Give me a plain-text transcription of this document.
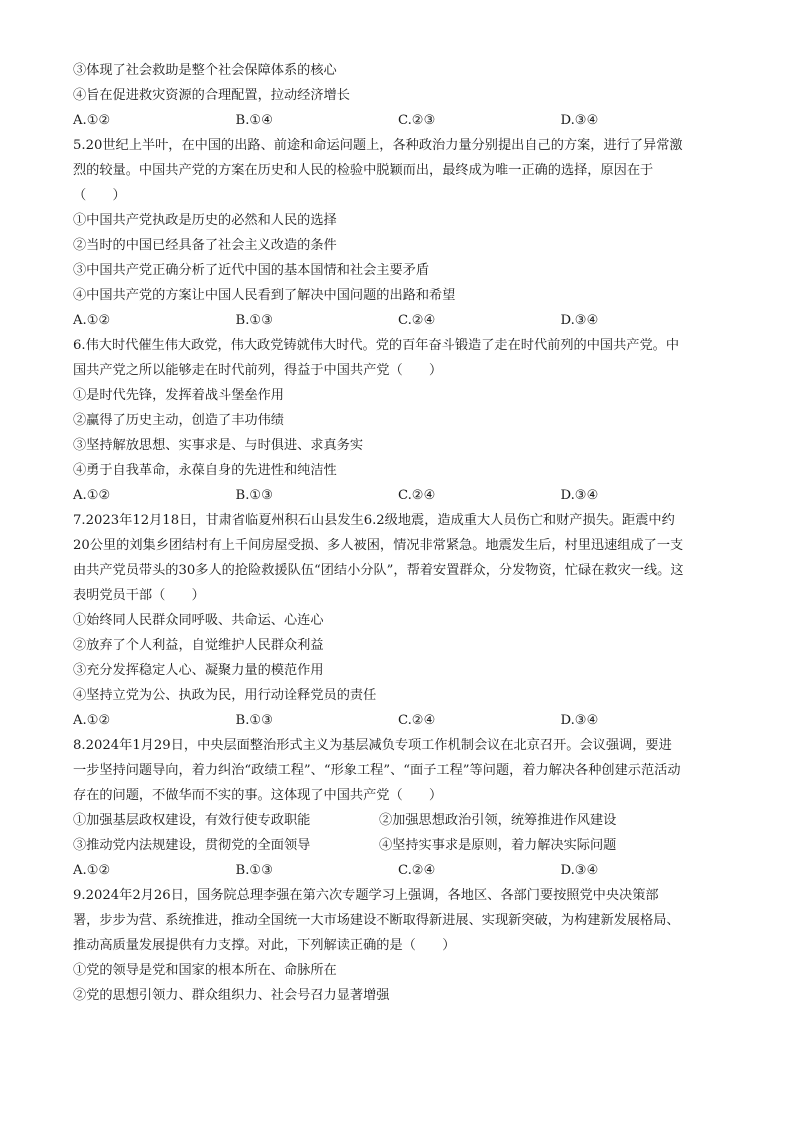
③体现了社会救助是整个社会保障体系的核心
④旨在促进救灾资源的合理配置，拉动经济增长
A.①②	B.①④	C.②③	D.③④
5.20世纪上半叶，在中国的出路、前途和命运问题上，各种政治力量分别提出自己的方案，进行了异常激
烈的较量。中国共产党的方案在历史和人民的检验中脱颖而出，最终成为唯一正确的选择，原因在于
（　　）
①中国共产党执政是历史的必然和人民的选择
②当时的中国已经具备了社会主义改造的条件
③中国共产党正确分析了近代中国的基本国情和社会主要矛盾
④中国共产党的方案让中国人民看到了解决中国问题的出路和希望
A.①②	B.①③	C.②④	D.③④
6.伟大时代催生伟大政党，伟大政党铸就伟大时代。党的百年奋斗锻造了走在时代前列的中国共产党。中
国共产党之所以能够走在时代前列，得益于中国共产党（　　）
①是时代先锋，发挥着战斗堡垒作用
②赢得了历史主动，创造了丰功伟绩
③坚持解放思想、实事求是、与时俱进、求真务实
④勇于自我革命，永葆自身的先进性和纯洁性
A.①②	B.①③	C.②④	D.③④
7.2023年12月18日，甘肃省临夏州积石山县发生6.2级地震，造成重大人员伤亡和财产损失。距震中约
20公里的刘集乡团结村有上千间房屋受损、多人被困，情况非常紧急。地震发生后，村里迅速组成了一支
由共产党员带头的30多人的抢险救援队伍“团结小分队”，帮着安置群众，分发物资，忙碌在救灾一线。这
表明党员干部（　　）
①始终同人民群众同呼吸、共命运、心连心
②放弃了个人利益，自觉维护人民群众利益
③充分发挥稳定人心、凝聚力量的模范作用
④坚持立党为公、执政为民，用行动诠释党员的责任
A.①②	B.①③	C.②④	D.③④
8.2024年1月29日，中央层面整治形式主义为基层减负专项工作机制会议在北京召开。会议强调，要进
一步坚持问题导向，着力纠治“政绩工程”、“形象工程”、“面子工程”等问题，着力解决各种创建示范活动
存在的问题，不做华而不实的事。这体现了中国共产党（　　）
①加强基层政权建设，有效行使专政职能	②加强思想政治引领，统筹推进作风建设
③推动党内法规建设，贯彻党的全面领导	④坚持实事求是原则，着力解决实际问题
A.①②	B.①③	C.②④	D.③④
9.2024年2月26日，国务院总理李强在第六次专题学习上强调，各地区、各部门要按照党中央决策部
署，步步为营、系统推进，推动全国统一大市场建设不断取得新进展、实现新突破，为构建新发展格局、
推动高质量发展提供有力支撑。对此，下列解读正确的是（　　）
①党的领导是党和国家的根本所在、命脉所在
②党的思想引领力、群众组织力、社会号召力显著增强
